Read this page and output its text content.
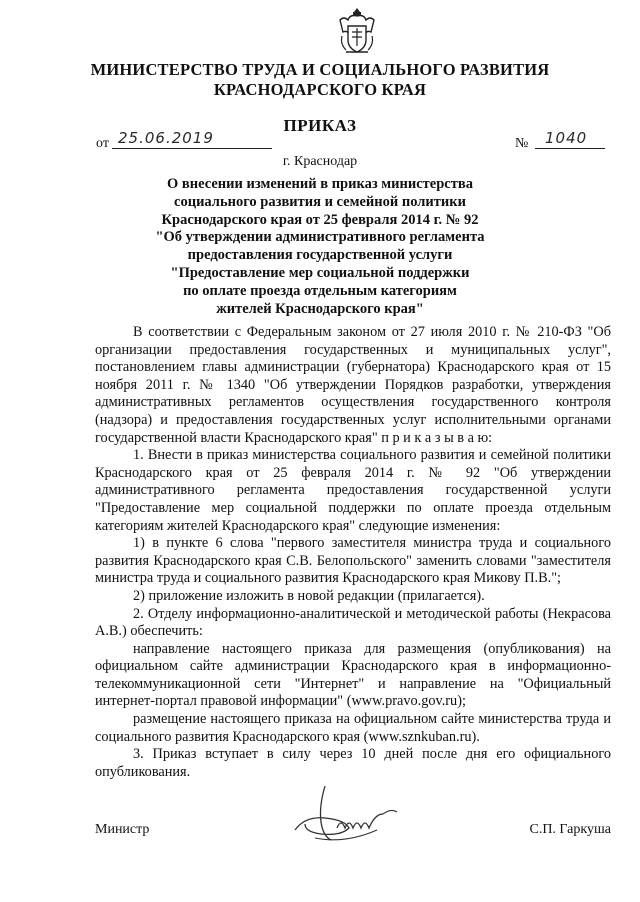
МИНИСТЕРСТВО ТРУДА И СОЦИАЛЬНОГО РАЗВИТИЯ
КРАСНОДАРСКОГО КРАЯ
ПРИКАЗ
от 25.06.2019	№ 1040
г. Краснодар
О внесении изменений в приказ министерства
социального развития и семейной политики
Краснодарского края от 25 февраля 2014 г. № 92
"Об утверждении административного регламента
предоставления государственной услуги
"Предоставление мер социальной поддержки
по оплате проезда отдельным категориям
жителей Краснодарского края"

В соответствии с Федеральным законом от 27 июля 2010 г. № 210-ФЗ "Об организации предоставления государственных и муниципальных услуг", постановлением главы администрации (губернатора) Краснодарского края от 15 ноября 2011 г. № 1340 "Об утверждении Порядков разработки, утверждения административных регламентов осуществления государственного контроля (надзора) и предоставления государственных услуг исполнительными органами государственной власти Краснодарского края" п р и к а з ы в а ю:

1. Внести в приказ министерства социального развития и семейной политики Краснодарского края от 25 февраля 2014 г. № 92 "Об утверждении административного регламента предоставления государственной услуги "Предоставление мер социальной поддержки по оплате проезда отдельным категориям жителей Краснодарского края" следующие изменения:

1) в пункте 6 слова "первого заместителя министра труда и социального развития Краснодарского края С.В. Белопольского" заменить словами "заместителя министра труда и социального развития Краснодарского края Микову П.В.";

2) приложение изложить в новой редакции (прилагается).

2. Отделу информационно-аналитической и методической работы (Некрасова А.В.) обеспечить:

направление настоящего приказа для размещения (опубликования) на официальном сайте администрации Краснодарского края в информационно-телекоммуникационной сети "Интернет" и направление на "Официальный интернет-портал правовой информации" (www.pravo.gov.ru);

размещение настоящего приказа на официальном сайте министерства труда и социального развития Краснодарского края (www.sznkuban.ru).

3. Приказ вступает в силу через 10 дней после дня его официального опубликования.

Министр	С.П. Гаркуша
